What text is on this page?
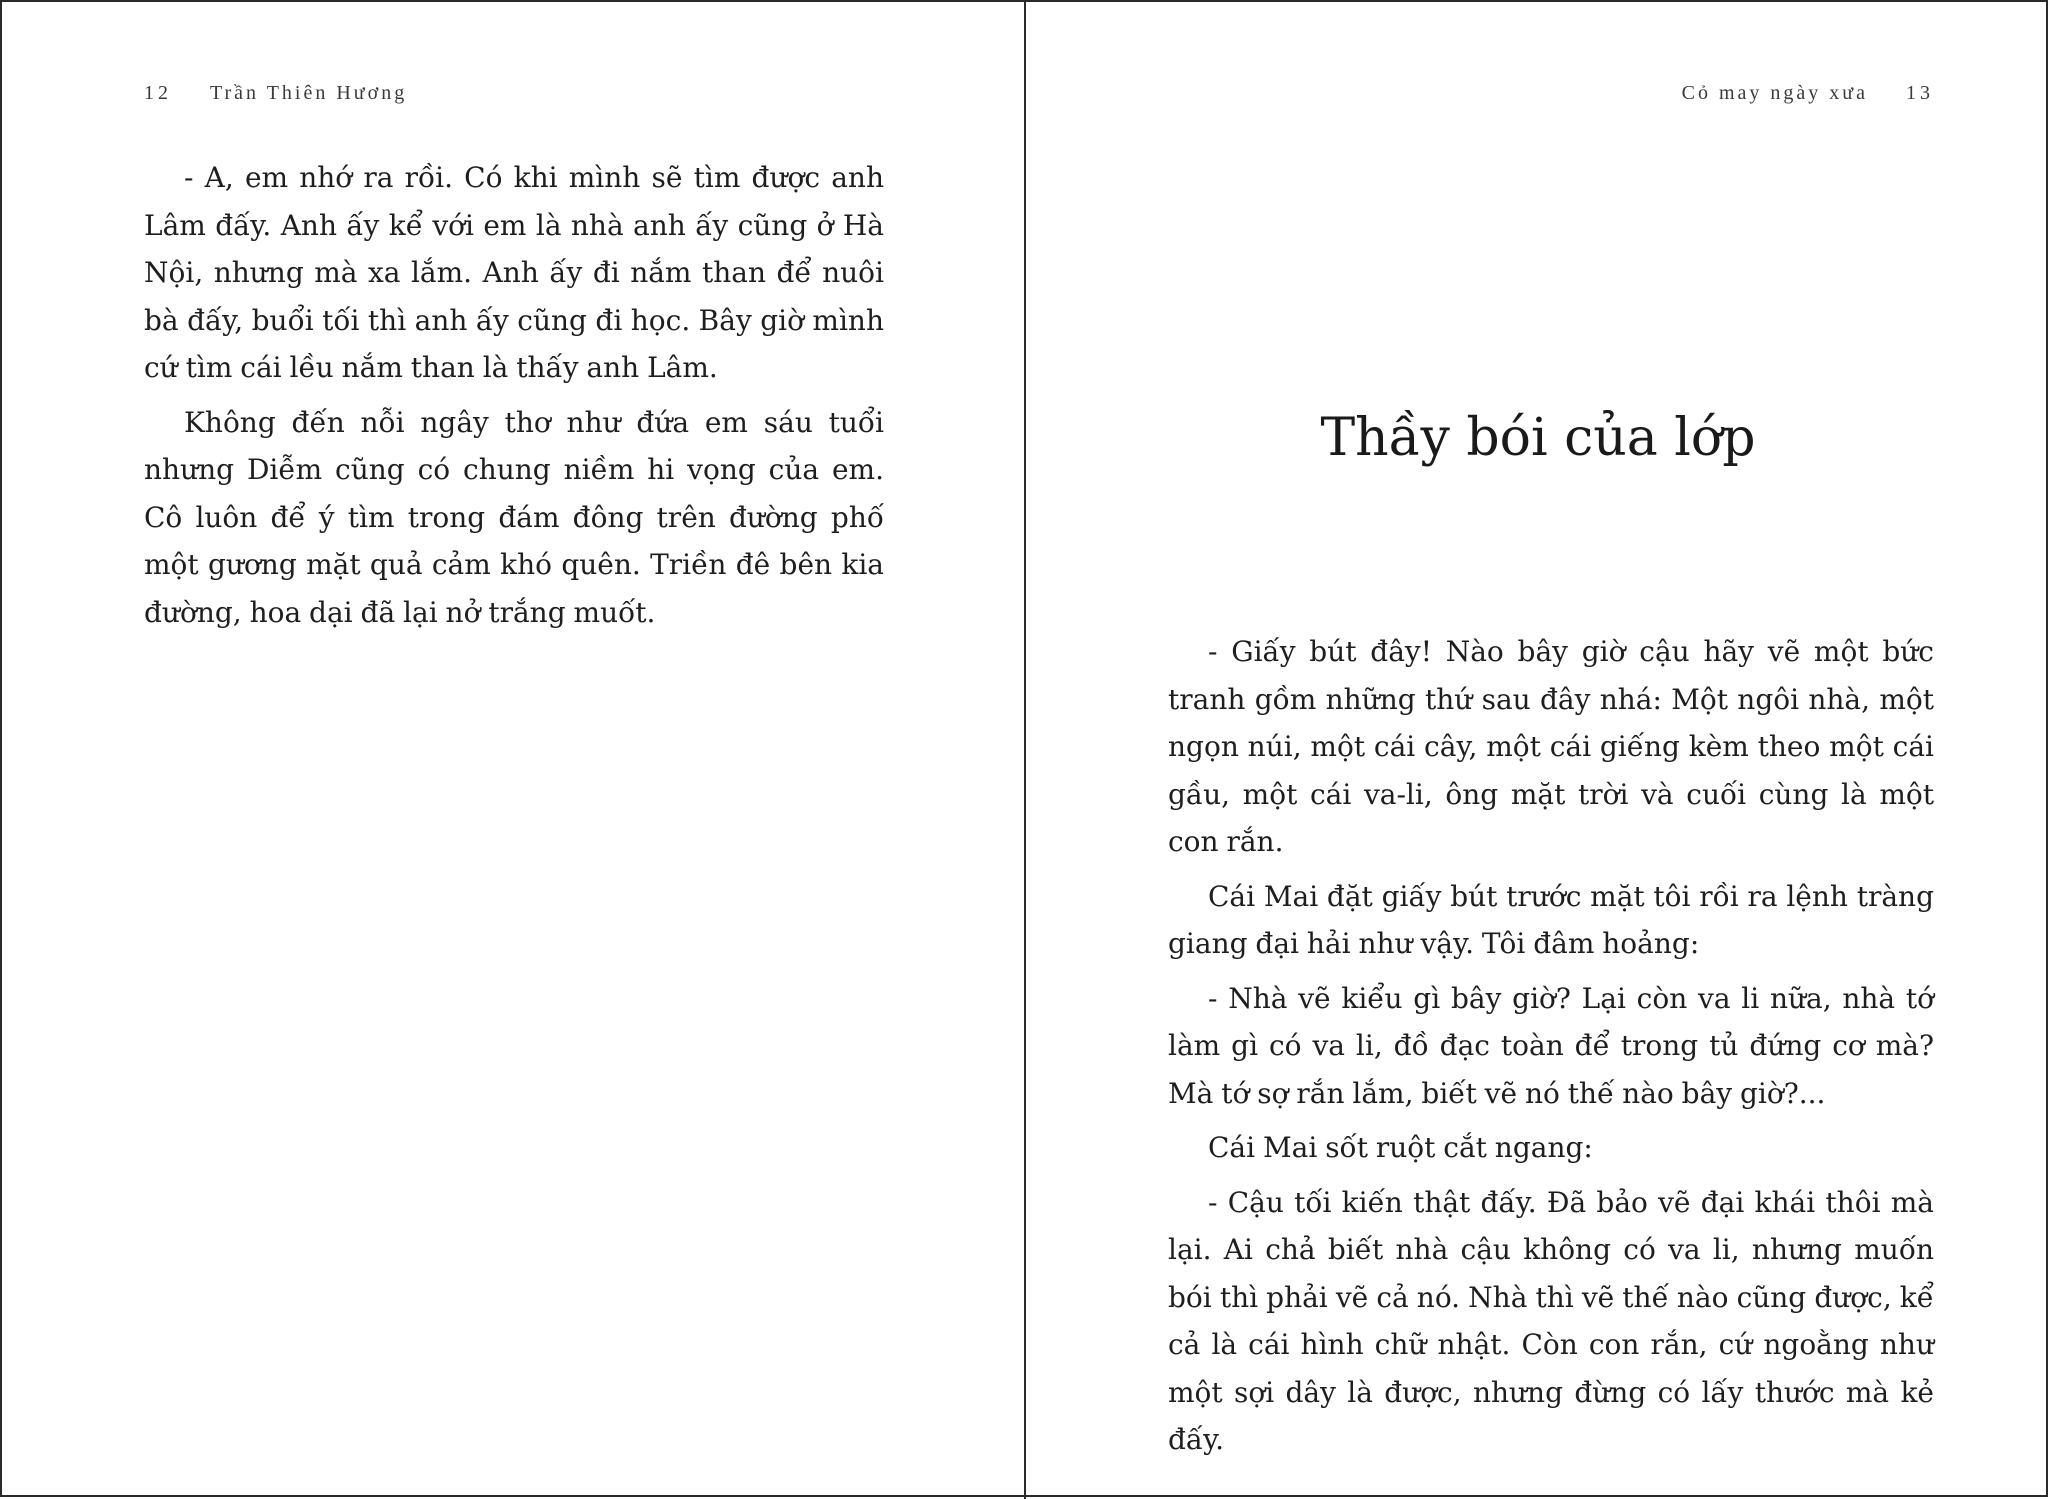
12 Trần Thiên Hương

- A, em nhớ ra rồi. Có khi mình sẽ tìm được anh Lâm đấy. Anh ấy kể với em là nhà anh ấy cũng ở Hà Nội, nhưng mà xa lắm. Anh ấy đi nắm than để nuôi bà đấy, buổi tối thì anh ấy cũng đi học. Bây giờ mình cứ tìm cái lều nắm than là thấy anh Lâm.

Không đến nỗi ngây thơ như đứa em sáu tuổi nhưng Diễm cũng có chung niềm hi vọng của em. Cô luôn để ý tìm trong đám đông trên đường phố một gương mặt quả cảm khó quên. Triền đê bên kia đường, hoa dại đã lại nở trắng muốt.

Cỏ may ngày xưa 13
Thầy bói của lớp

- Giấy bút đây! Nào bây giờ cậu hãy vẽ một bức tranh gồm những thứ sau đây nhá: Một ngôi nhà, một ngọn núi, một cái cây, một cái giếng kèm theo một cái gầu, một cái va-li, ông mặt trời và cuối cùng là một con rắn.

Cái Mai đặt giấy bút trước mặt tôi rồi ra lệnh tràng giang đại hải như vậy. Tôi đâm hoảng:

- Nhà vẽ kiểu gì bây giờ? Lại còn va li nữa, nhà tớ làm gì có va li, đồ đạc toàn để trong tủ đứng cơ mà? Mà tớ sợ rắn lắm, biết vẽ nó thế nào bây giờ?...

Cái Mai sốt ruột cắt ngang:

- Cậu tối kiến thật đấy. Đã bảo vẽ đại khái thôi mà lại. Ai chả biết nhà cậu không có va li, nhưng muốn bói thì phải vẽ cả nó. Nhà thì vẽ thế nào cũng được, kể cả là cái hình chữ nhật. Còn con rắn, cứ ngoằng như một sợi dây là được, nhưng đừng có lấy thước mà kẻ đấy.
